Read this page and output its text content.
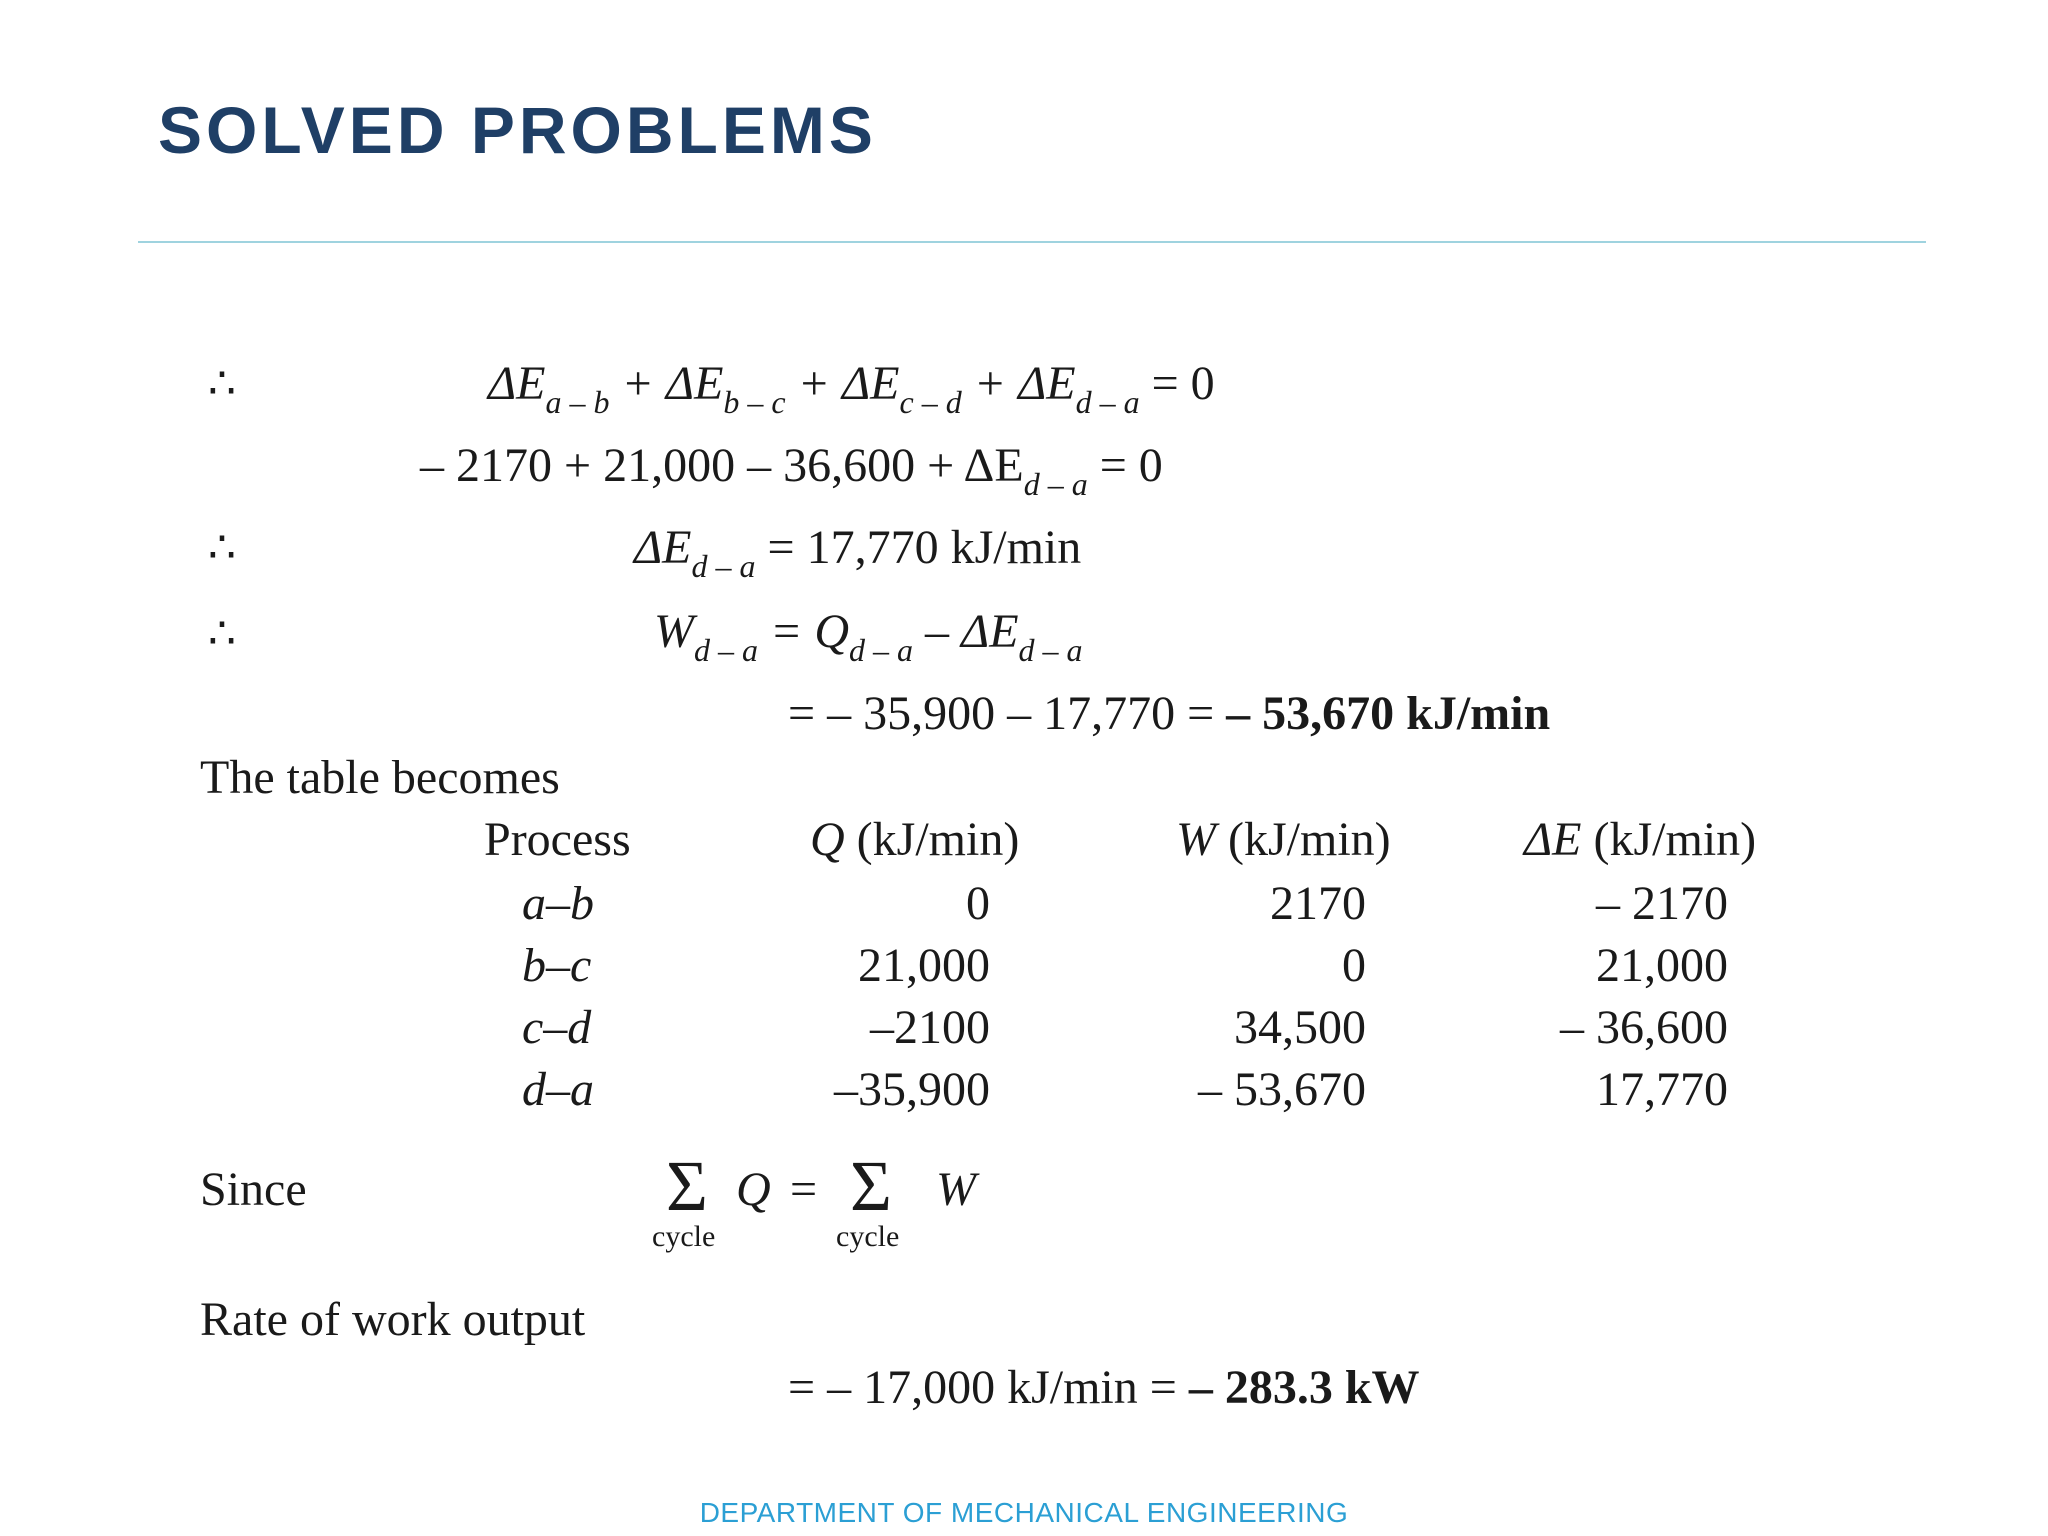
SOLVED PROBLEMS
∴	$\Delta E_{a - b} + \Delta E_{b - c} + \Delta E_{c - d} + \Delta E_{d - a} = 0$
– $2170 + 21,000 - 36,600 + \Delta E_{d - a} = 0$
∴	$\Delta E_{d - a} = 17,770$ kJ/min
∴	$W_{d - a} = Q_{d - a} - \Delta E_{d - a}$
= – 35,900 – 17,770 = – 53,670 kJ/min
The table becomes
Process	Q (kJ/min)	W (kJ/min)	ΔE (kJ/min)
a–b	0	2170	– 2170
b–c	21,000	0	21,000
c–d	–2100	34,500	– 36,600
d–a	–35,900	– 53,670	17,770
Since	Σ Q = Σ W
cycle	cycle
Rate of work output
= – 17,000 kJ/min = – 283.3 kW
DEPARTMENT OF MECHANICAL ENGINEERING
